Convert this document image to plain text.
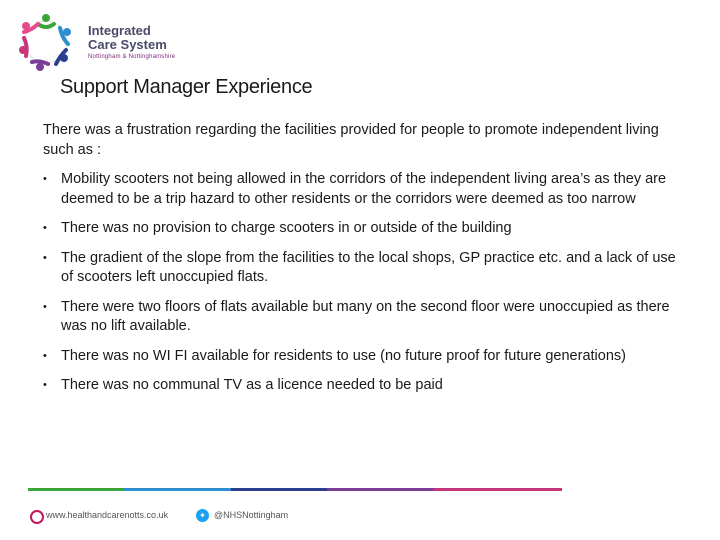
Integrated
Care System
Nottingham & Nottinghamshire
Support Manager Experience

There was a frustration regarding the facilities provided for people to promote independent living such as :

• Mobility scooters not being allowed in the corridors of the independent living area’s as they are deemed to be a trip hazard to other residents or the corridors were deemed as too narrow
• There was no provision to charge scooters in or outside of the building
• The gradient of the slope from the facilities to the local shops, GP practice etc. and a lack of use of scooters left unoccupied flats.
• There were two floors of flats available but many on the second floor were unoccupied as there was no lift available.
• There was no WI FI available for residents to use (no future proof for future generations)
• There was no communal TV as a licence needed to be paid
www.healthandcarenotts.co.uk	✦ @NHSNottingham
